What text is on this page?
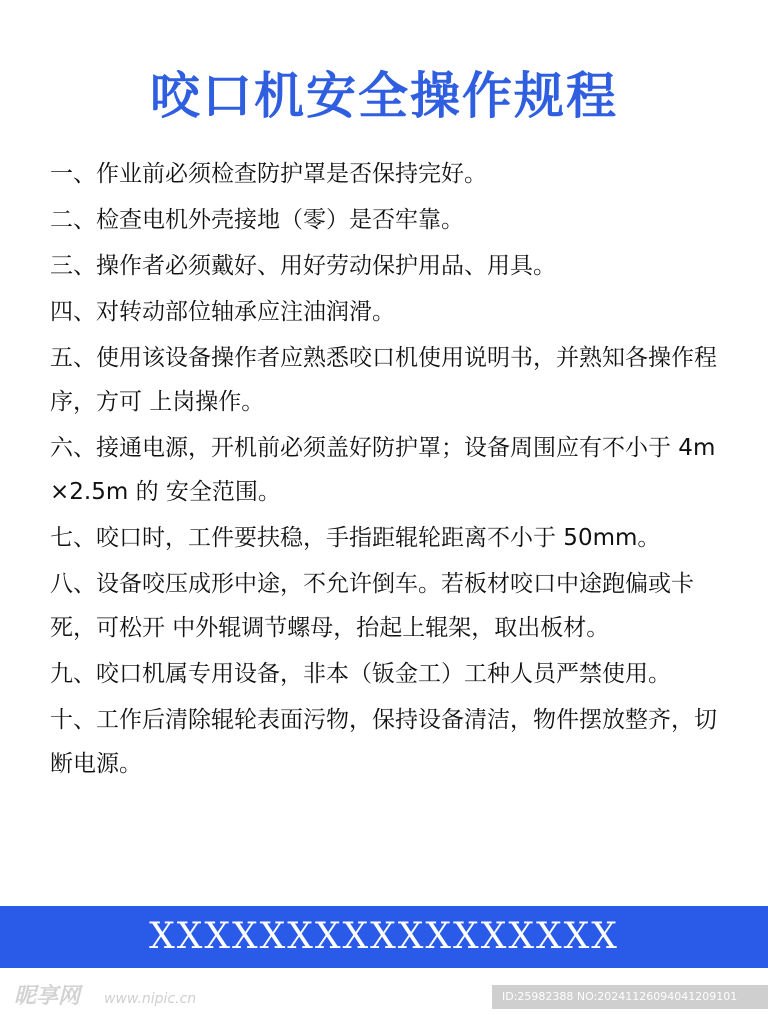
咬口机安全操作规程
一、作业前必须检查防护罩是否保持完好。
二、检查电机外壳接地（零）是否牢靠。
三、操作者必须戴好、用好劳动保护用品、用具。
四、对转动部位轴承应注油润滑。
五、使用该设备操作者应熟悉咬口机使用说明书，并熟知各操作程序，方可 上岗操作。
六、接通电源，开机前必须盖好防护罩；设备周围应有不小于 4m×2.5m 的 安全范围。
七、咬口时，工件要扶稳，手指距辊轮距离不小于 50mm。
八、设备咬压成形中途，不允许倒车。若板材咬口中途跑偏或卡死，可松开 中外辊调节螺母，抬起上辊架，取出板材。
九、咬口机属专用设备，非本（钣金工）工种人员严禁使用。
十、工作后清除辊轮表面污物，保持设备清洁，物件摆放整齐，切断电源。
XXXXXXXXXXXXXXXXX
昵享网 www.nipic.cn	ID:25982388 NO:20241126094041209101
